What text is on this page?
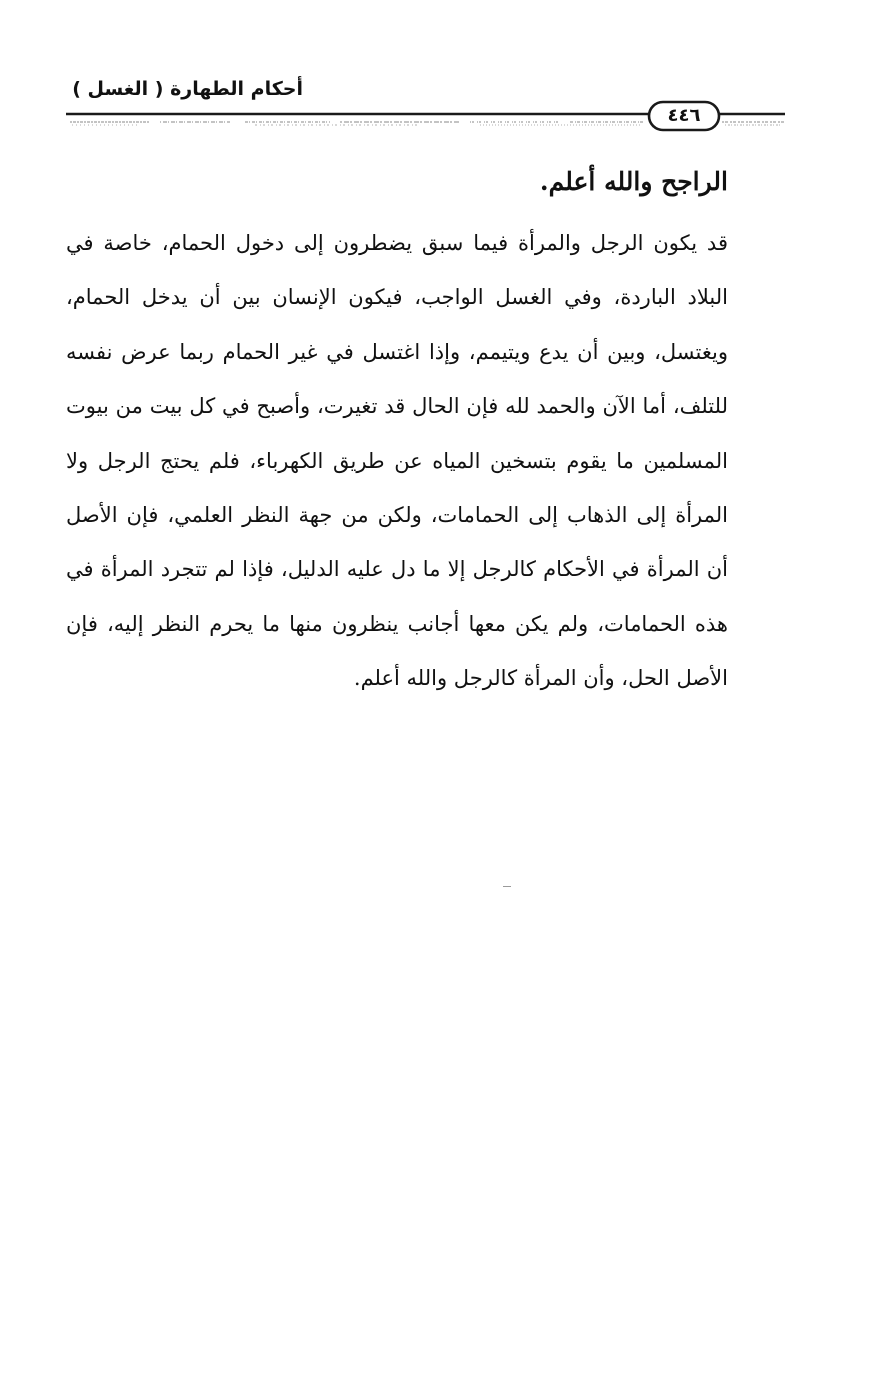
أحكام الطهارة ( الغسل )
٤٤٦
الراجح والله أعلم.

قد يكون الرجل والمرأة فيما سبق يضطرون إلى دخول الحمام، خاصة في البلاد الباردة، وفي الغسل الواجب، فيكون الإنسان بين أن يدخل الحمام، ويغتسل، وبين أن يدع ويتيمم، وإذا اغتسل في غير الحمام ربما عرض نفسه للتلف، أما الآن والحمد لله فإن الحال قد تغيرت، وأصبح في كل بيت من بيوت المسلمين ما يقوم بتسخين المياه عن طريق الكهرباء، فلم يحتج الرجل ولا المرأة إلى الذهاب إلى الحمامات، ولكن من جهة النظر العلمي، فإن الأصل أن المرأة في الأحكام كالرجل إلا ما دل عليه الدليل، فإذا لم تتجرد المرأة في هذه الحمامات، ولم يكن معها أجانب ينظرون منها ما يحرم النظر إليه، فإن الأصل الحل، وأن المرأة كالرجل والله أعلم.
